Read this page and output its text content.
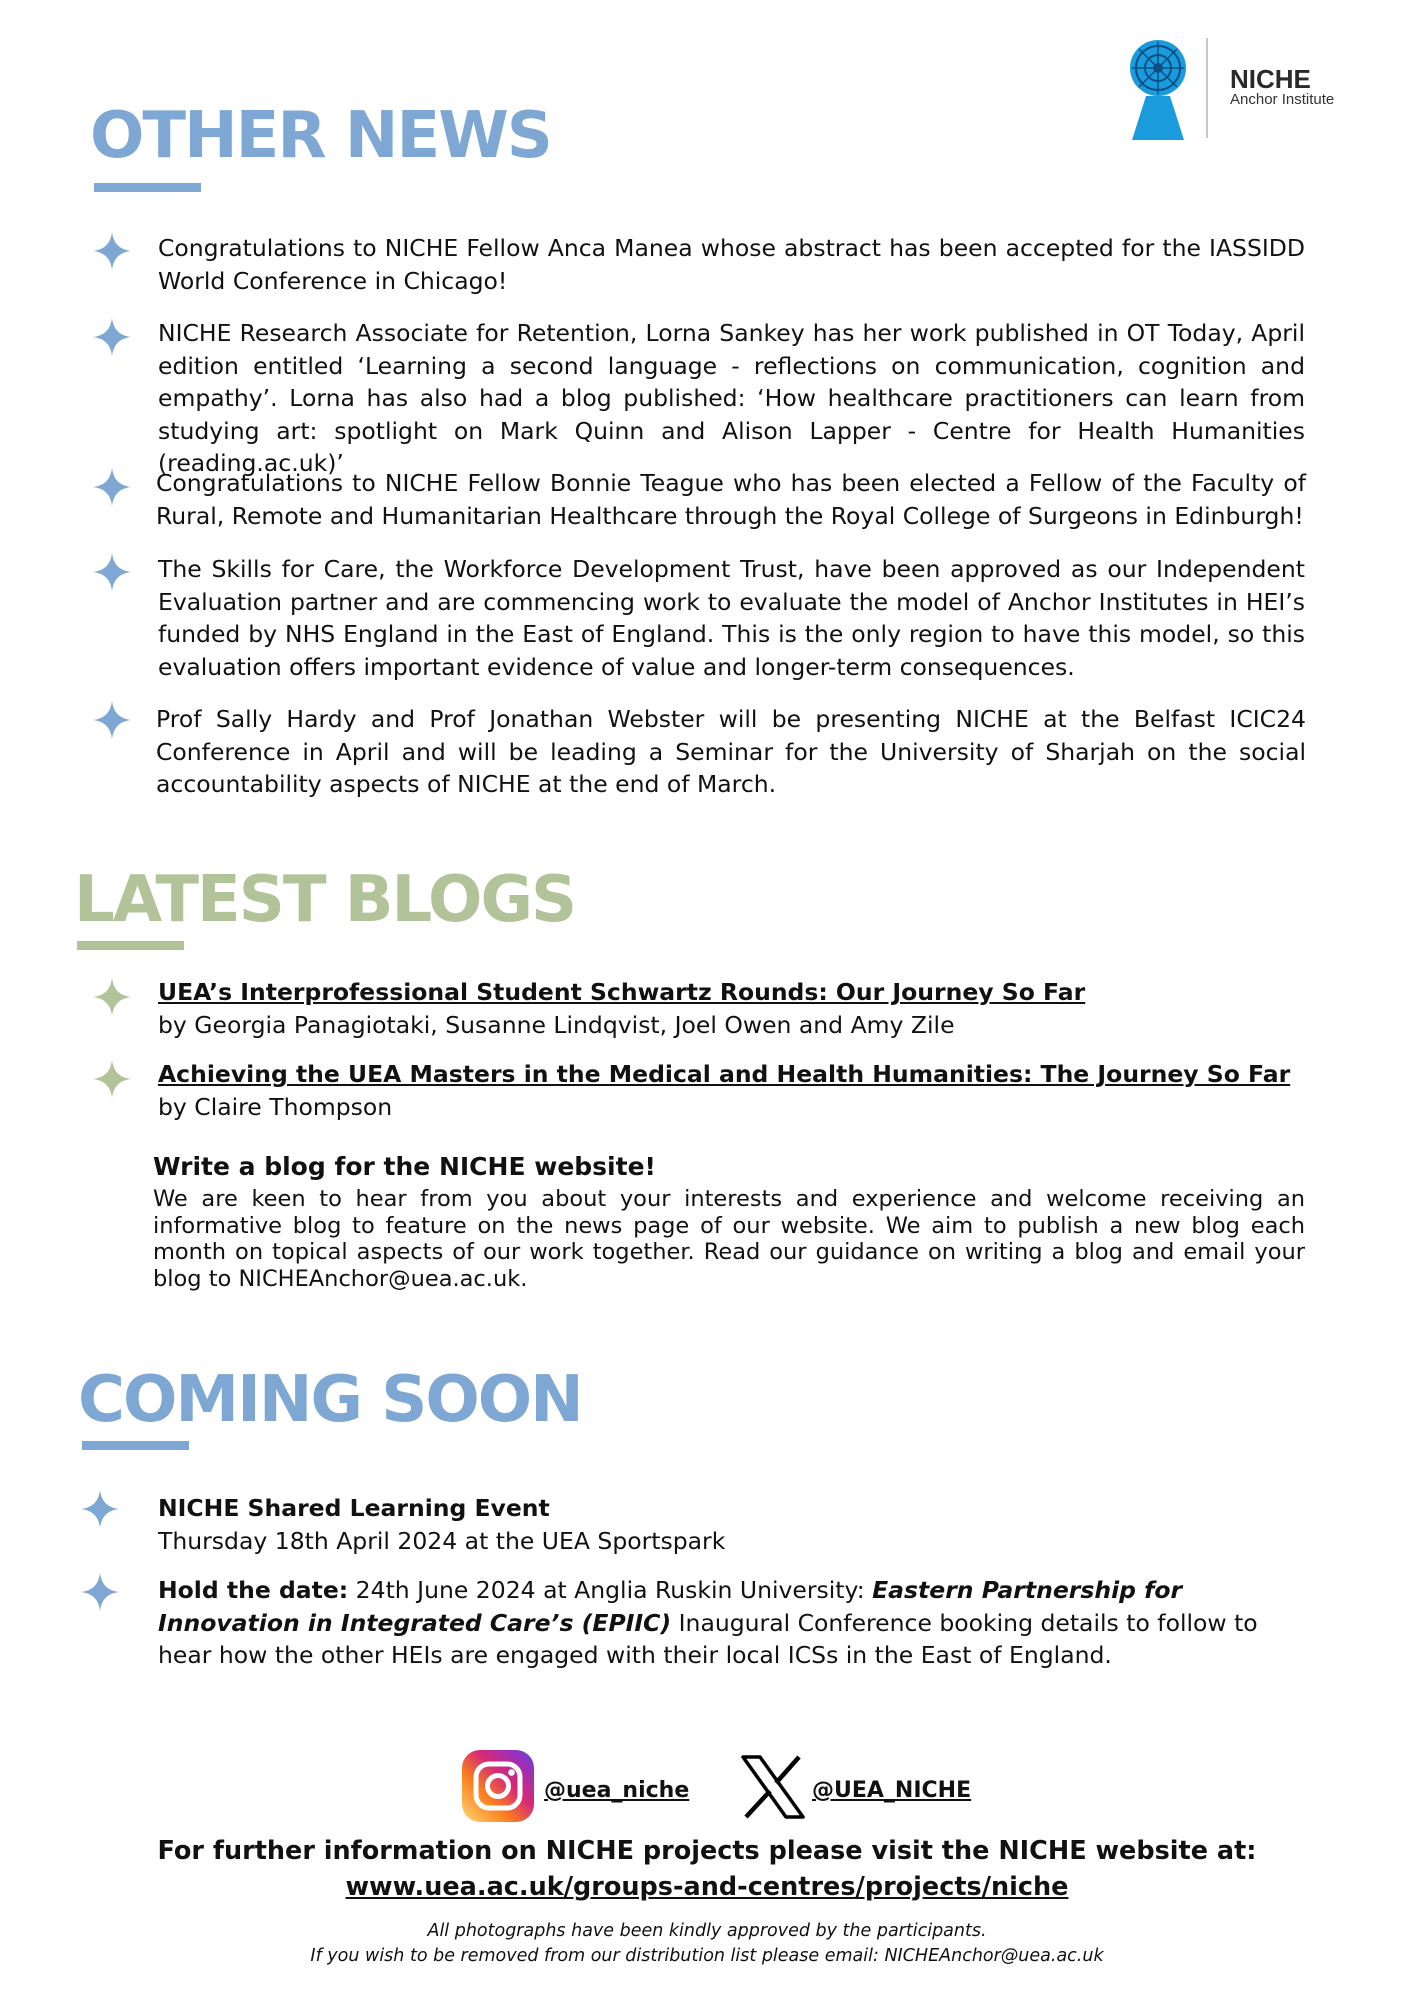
NICHE
Anchor Institute
OTHER NEWS

Congratulations to NICHE Fellow Anca Manea whose abstract has been accepted for the IASSIDD World Conference in Chicago!

NICHE Research Associate for Retention, Lorna Sankey has her work published in OT Today, April edition entitled ‘Learning a second language - reflections on communication, cognition and empathy’. Lorna has also had a blog published: ‘How healthcare practitioners can learn from studying art: spotlight on Mark Quinn and Alison Lapper - Centre for Health Humanities (reading.ac.uk)’

Congratulations to NICHE Fellow Bonnie Teague who has been elected a Fellow of the Faculty of Rural, Remote and Humanitarian Healthcare through the Royal College of Surgeons in Edinburgh!

The Skills for Care, the Workforce Development Trust, have been approved as our Independent Evaluation partner and are commencing work to evaluate the model of Anchor Institutes in HEI’s funded by NHS England in the East of England. This is the only region to have this model, so this evaluation offers important evidence of value and longer-term consequences.

Prof Sally Hardy and Prof Jonathan Webster will be presenting NICHE at the Belfast ICIC24 Conference in April and will be leading a Seminar for the University of Sharjah on the social accountability aspects of NICHE at the end of March.

LATEST BLOGS
UEA’s Interprofessional Student Schwartz Rounds: Our Journey So Far
by Georgia Panagiotaki, Susanne Lindqvist, Joel Owen and Amy Zile
Achieving the UEA Masters in the Medical and Health Humanities: The Journey So Far
by Claire Thompson
Write a blog for the NICHE website!
We are keen to hear from you about your interests and experience and welcome receiving an informative blog to feature on the news page of our website. We aim to publish a new blog each month on topical aspects of our work together. Read our guidance on writing a blog and email your blog to NICHEAnchor@uea.ac.uk.
COMING SOON
NICHE Shared Learning Event
Thursday 18th April 2024 at the UEA Sportspark
Hold the date: 24th June 2024 at Anglia Ruskin University: Eastern Partnership for Innovation in Integrated Care’s (EPIIC) Inaugural Conference booking details to follow to hear how the other HEIs are engaged with their local ICSs in the East of England.
@uea_niche	@UEA_NICHE
For further information on NICHE projects please visit the NICHE website at:
www.uea.ac.uk/groups-and-centres/projects/niche
All photographs have been kindly approved by the participants.
If you wish to be removed from our distribution list please email: NICHEAnchor@uea.ac.uk
